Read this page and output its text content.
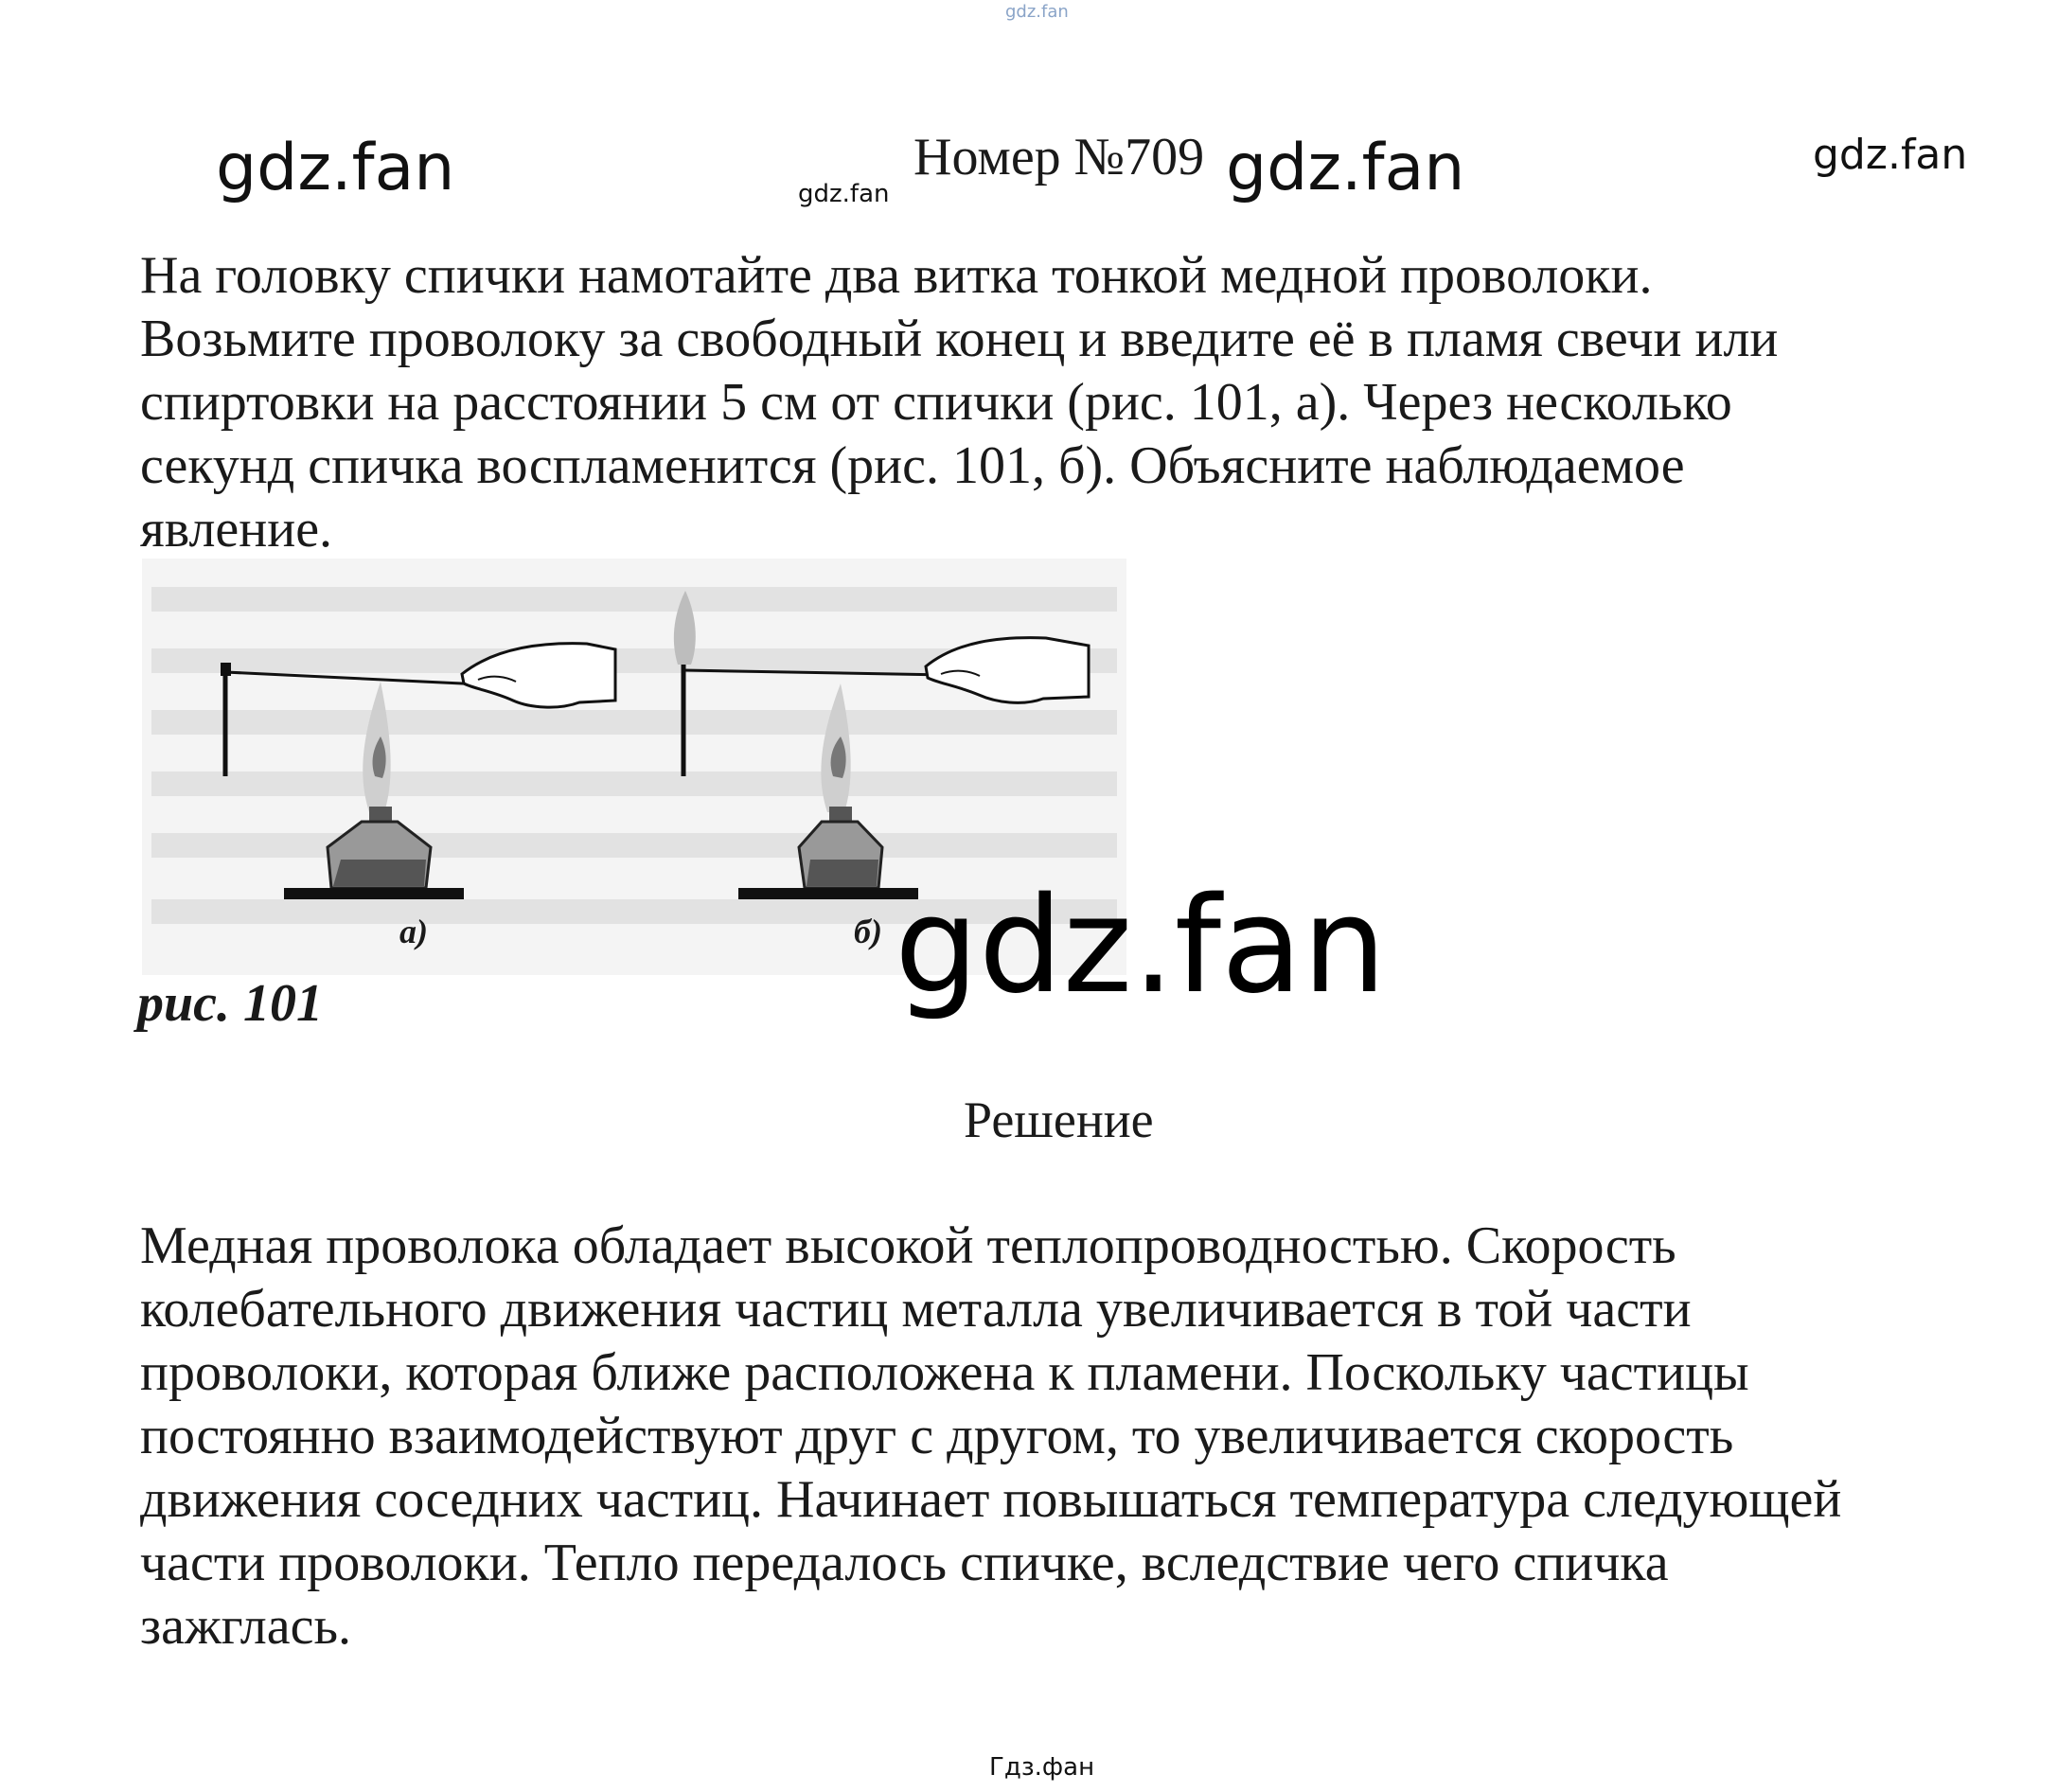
gdz.fan
gdz.fan	gdz.fan	gdz.fan	gdz.fan
Номер №709
На головку спички намотайте два витка тонкой медной проволоки.
Возьмите проволоку за свободный конец и введите её в пламя свечи или
спиртовки на расстоянии 5 см от спички (рис. 101, а). Через несколько
секунд спичка воспламенится (рис. 101, б). Объясните наблюдаемое
явление.
а)	б) gdz.fan
рис. 101
Решение
Медная проволока обладает высокой теплопроводностью. Скорость
колебательного движения частиц металла увеличивается в той части
проволоки, которая ближе расположена к пламени. Поскольку частицы
постоянно взаимодействуют друг с другом, то увеличивается скорость
движения соседних частиц. Начинает повышаться температура следующей
части проволоки. Тепло передалось спичке, вследствие чего спичка
зажглась.
Гдз.фан
